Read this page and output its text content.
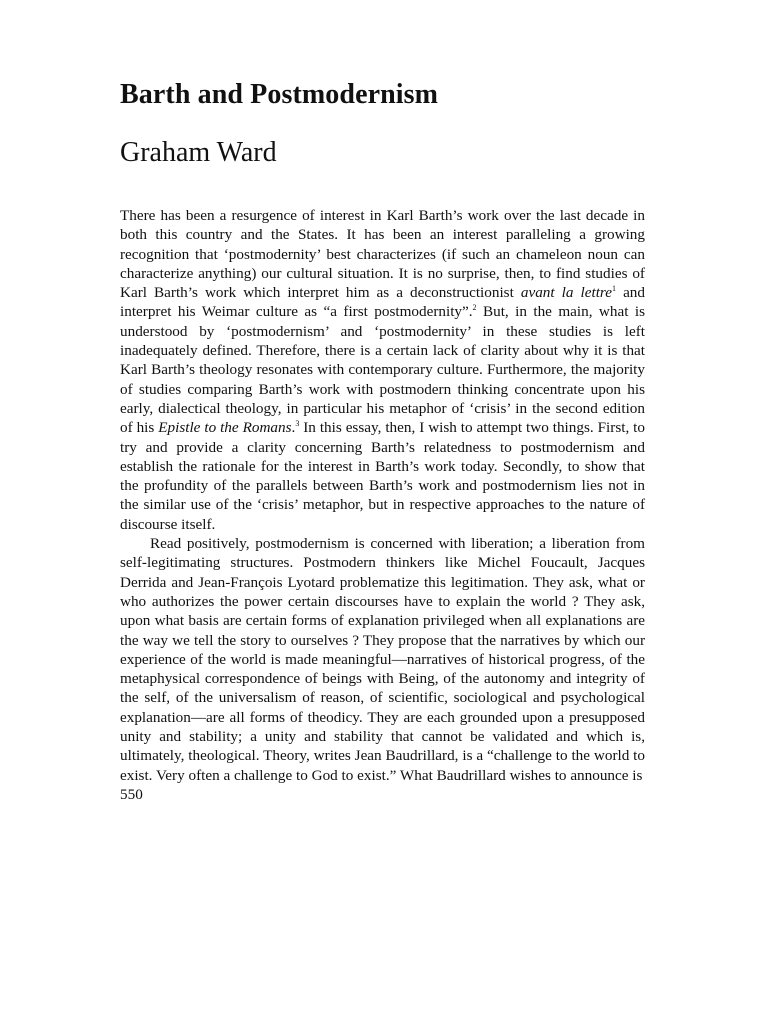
Barth and Postmodernism
Graham Ward

There has been a resurgence of interest in Karl Barth’s work over the last decade in both this country and the States. It has been an interest paralleling a growing recognition that ‘postmodernity’ best characterizes (if such an chameleon noun can characterize anything) our cultural situation. It is no surprise, then, to find studies of Karl Barth’s work which interpret him as a deconstructionist avant la lettre$^1$ and interpret his Weimar culture as “a first postmodernity”.$^2$ But, in the main, what is understood by ‘postmodernism’ and ‘postmodernity’ in these studies is left inadequately defined. Therefore, there is a certain lack of clarity about why it is that Karl Barth’s theology resonates with contemporary culture. Furthermore, the majority of studies comparing Barth’s work with postmodern thinking concentrate upon his early, dialectical theology, in particular his metaphor of ‘crisis’ in the second edition of his Epistle to the Romans.$^3$ In this essay, then, I wish to attempt two things. First, to try and provide a clarity concerning Barth’s relatedness to postmodernism and establish the rationale for the interest in Barth’s work today. Secondly, to show that the profundity of the parallels between Barth’s work and postmodernism lies not in the similar use of the ‘crisis’ metaphor, but in respective approaches to the nature of discourse itself.

Read positively, postmodernism is concerned with liberation; a liberation from self-legitimating structures. Postmodern thinkers like Michel Foucault, Jacques Derrida and Jean-François Lyotard problematize this legitimation. They ask, what or who authorizes the power certain discourses have to explain the world ? They ask, upon what basis are certain forms of explanation privileged when all explanations are the way we tell the story to ourselves ? They propose that the narratives by which our experience of the world is made meaningful—narratives of historical progress, of the metaphysical correspondence of beings with Being, of the autonomy and integrity of the self, of the universalism of reason, of scientific, sociological and psychological explanation—are all forms of theodicy. They are each grounded upon a presupposed unity and stability; a unity and stability that cannot be validated and which is, ultimately, theological. Theory, writes Jean Baudrillard, is a “challenge to the world to exist. Very often a challenge to God to exist.” What Baudrillard wishes to announce is

550
